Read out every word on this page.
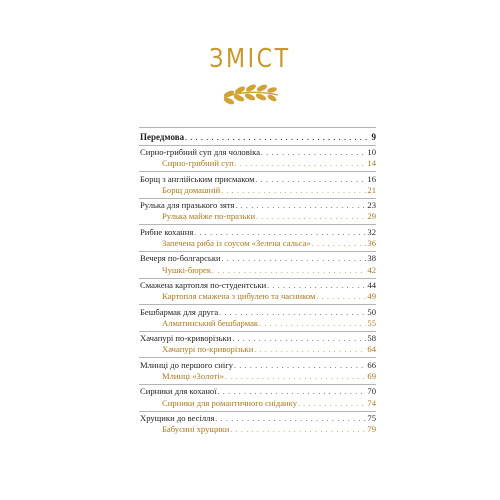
ЗМІСТ
Передмова . . .	9
Сирно-грибний суп для чоловіка . . .	10
Сирно-грибний суп . . .	14
Борщ з англійським присмаком . . .	16
Борщ домашній . . .	21
Рулька для празького зятя . . .	23
Рулька майже по-празьки . . .	29
Рибне кохання . . .	32
Запечена риба із соусом «Зелена сальса» . . .	36
Вечеря по-болгарськи . . .	38
Чушкі-бюрек . . .	42
Смажена картопля по-студентськи . . .	44
Картопля смажена з цибулею та часником . . .	49
Бешбармак для друга . . .	50
Алматинський бешбармак . . .	55
Хачапурі по-криворізьки . . .	58
Хачапурі по-криворізьки . . .	64
Млинці до першого снігу . . .	66
Млинці «Золоті» . . .	69
Сирники для коханої . . .	70
Сирники для романтичного сніданку . . .	74
Хрущики до весілля . . .	75
Бабусині хрущики . . .	79
